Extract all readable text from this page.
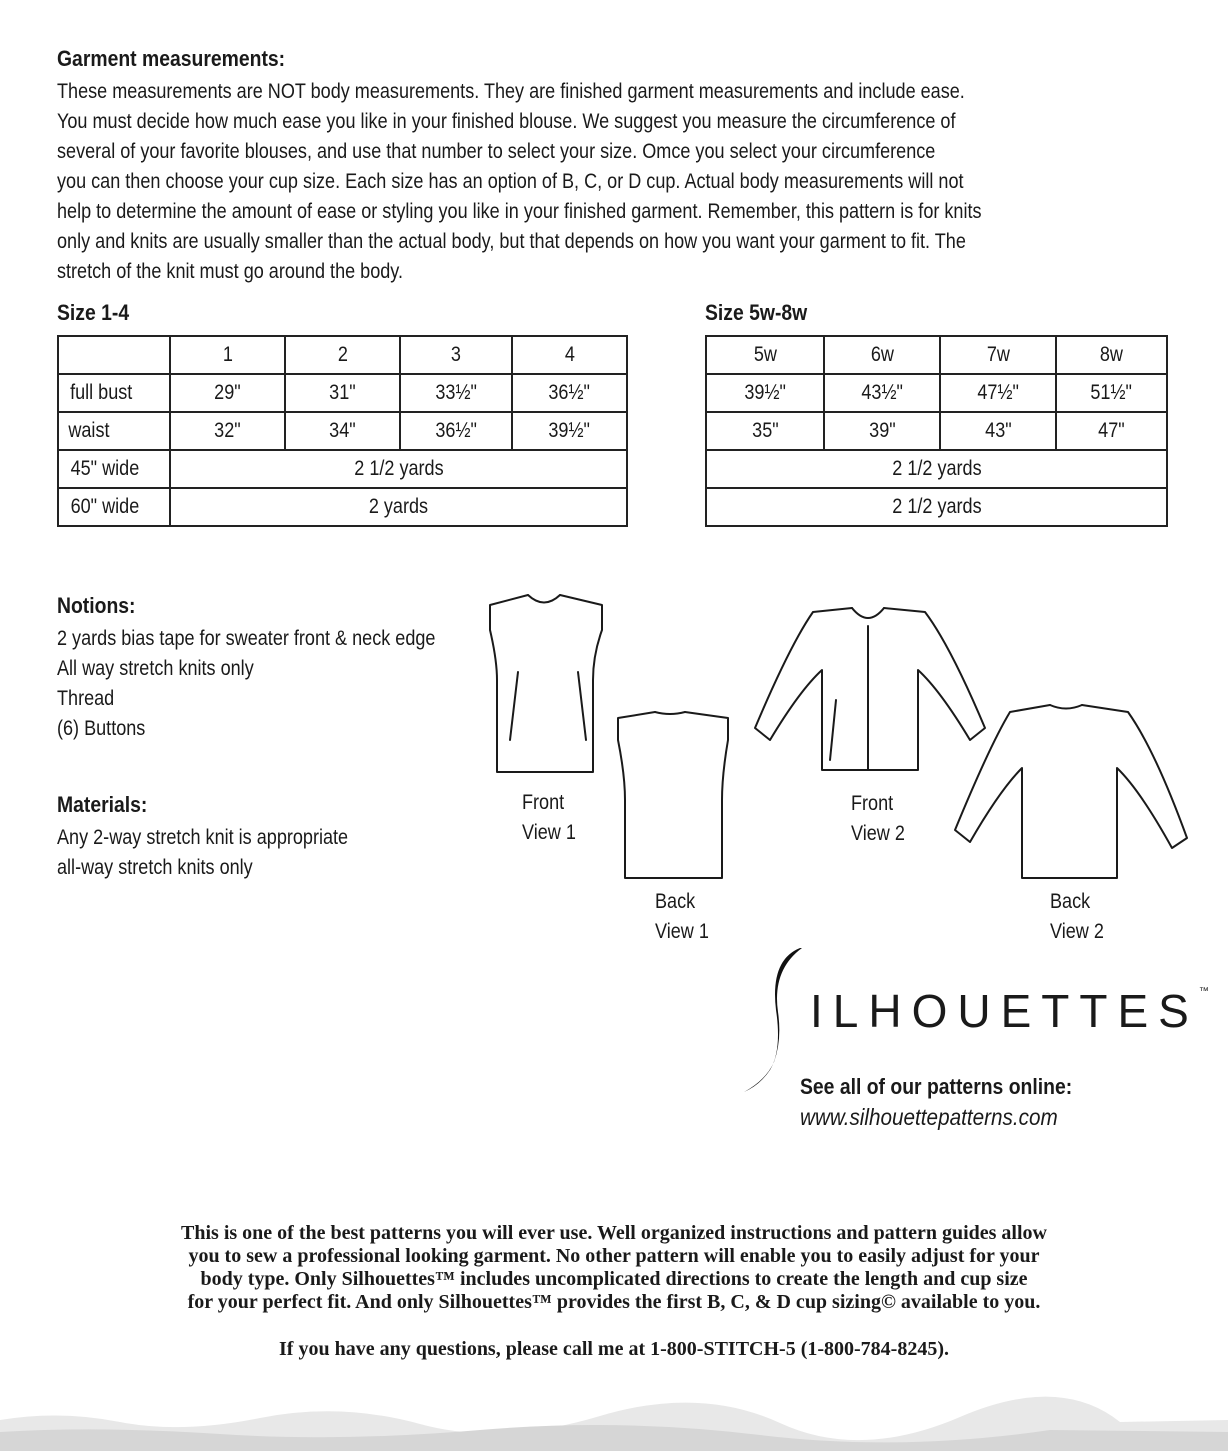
Garment measurements:
These measurements are NOT body measurements. They are finished garment measurements and include ease.
You must decide how much ease you like in your finished blouse. We suggest you measure the circumference of
several of your favorite blouses, and use that number to select your size. Omce you select your circumference
you can then choose your cup size. Each size has an option of B, C, or D cup. Actual body measurements will not
help to determine the amount of ease or styling you like in your finished garment. Remember, this pattern is for knits
only and knits are usually smaller than the actual body, but that depends on how you want your garment to fit. The
stretch of the knit must go around the body.
Size 1-4
	1	2	3	4
full bust	29"	31"	33½"	36½"
waist	32"	34"	36½"	39½"
45" wide	2 1/2 yards			
60" wide	2 yards			
Size 5w-8w
5w	6w	7w	8w
39½"	43½"	47½"	51½"
35"	39"	43"	47"
2 1/2 yards			
2 1/2 yards			
Notions:
2 yards bias tape for sweater front & neck edge
All way stretch knits only
Thread
(6) Buttons
Materials:
Any 2-way stretch knit is appropriate
all-way stretch knits only
Front
View 1
Back
View 1
Front
View 2
Back
View 2
ILHOUETTES™
See all of our patterns online:
www.silhouettepatterns.com
This is one of the best patterns you will ever use. Well organized instructions and pattern guides allow
you to sew a professional looking garment. No other pattern will enable you to easily adjust for your
body type. Only Silhouettes™ includes uncomplicated directions to create the length and cup size
for your perfect fit. And only Silhouettes™ provides the first B, C, & D cup sizing© available to you.
If you have any questions, please call me at 1-800-STITCH-5 (1-800-784-8245).
